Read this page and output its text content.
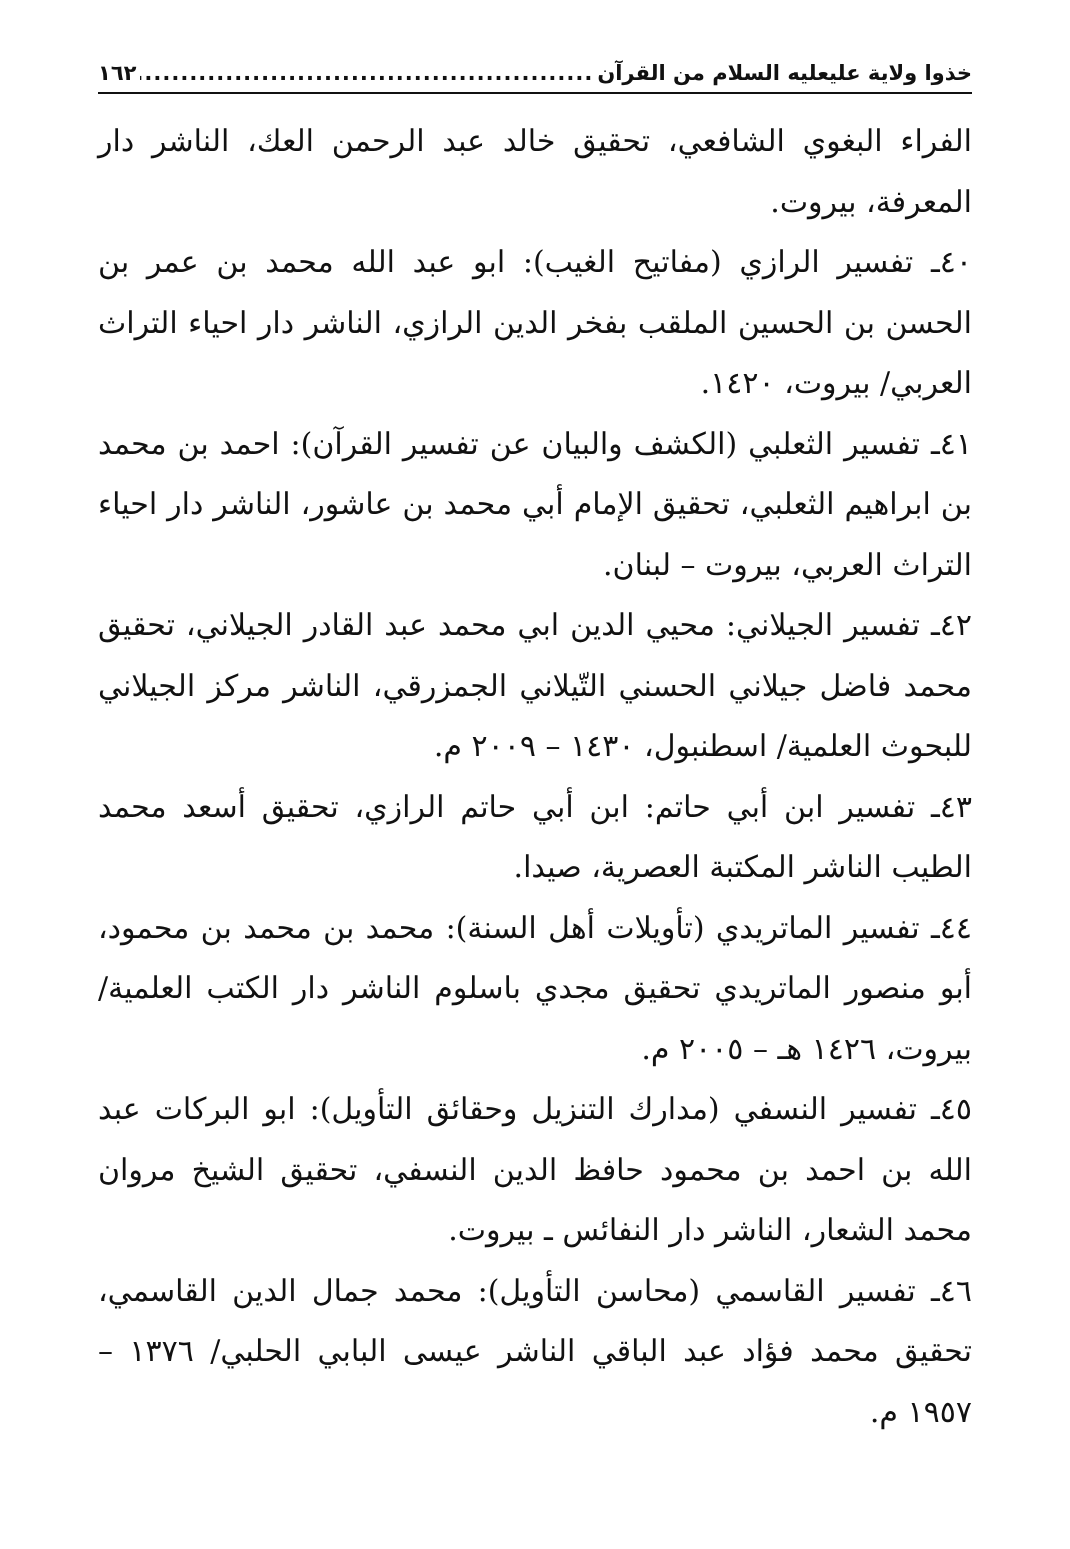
خذوا ولاية عليعليه السلام من القرآن
.....
١٦٢

الفراء البغوي الشافعي، تحقيق خالد عبد الرحمن العك، الناشر دار المعرفة، بيروت.

٤٠ـ تفسير الرازي (مفاتيح الغيب): ابو عبد الله محمد بن عمر بن الحسن بن الحسين الملقب بفخر الدين الرازي، الناشر دار احياء التراث العربي/ بيروت، ١٤٢٠.

٤١ـ تفسير الثعلبي (الكشف والبيان عن تفسير القرآن): احمد بن محمد بن ابراهيم الثعلبي، تحقيق الإمام أبي محمد بن عاشور، الناشر دار احياء التراث العربي، بيروت – لبنان.

٤٢ـ تفسير الجيلاني: محيي الدين ابي محمد عبد القادر الجيلاني، تحقيق محمد فاضل جيلاني الحسني التّيلاني الجمزرقي، الناشر مركز الجيلاني للبحوث العلمية/ اسطنبول، ١٤٣٠ – ٢٠٠٩ م.

٤٣ـ تفسير ابن أبي حاتم: ابن أبي حاتم الرازي، تحقيق أسعد محمد الطيب الناشر المكتبة العصرية، صيدا.

٤٤ـ تفسير الماتريدي (تأويلات أهل السنة): محمد بن محمد بن محمود، أبو منصور الماتريدي تحقيق مجدي باسلوم الناشر دار الكتب العلمية/ بيروت، ١٤٢٦ هـ – ٢٠٠٥ م.

٤٥ـ تفسير النسفي (مدارك التنزيل وحقائق التأويل): ابو البركات عبد الله بن احمد بن محمود حافظ الدين النسفي، تحقيق الشيخ مروان محمد الشعار، الناشر دار النفائس ـ بيروت.

٤٦ـ تفسير القاسمي (محاسن التأويل): محمد جمال الدين القاسمي، تحقيق محمد فؤاد عبد الباقي الناشر عيسى البابي الحلبي/ ١٣٧٦ – ١٩٥٧ م.
